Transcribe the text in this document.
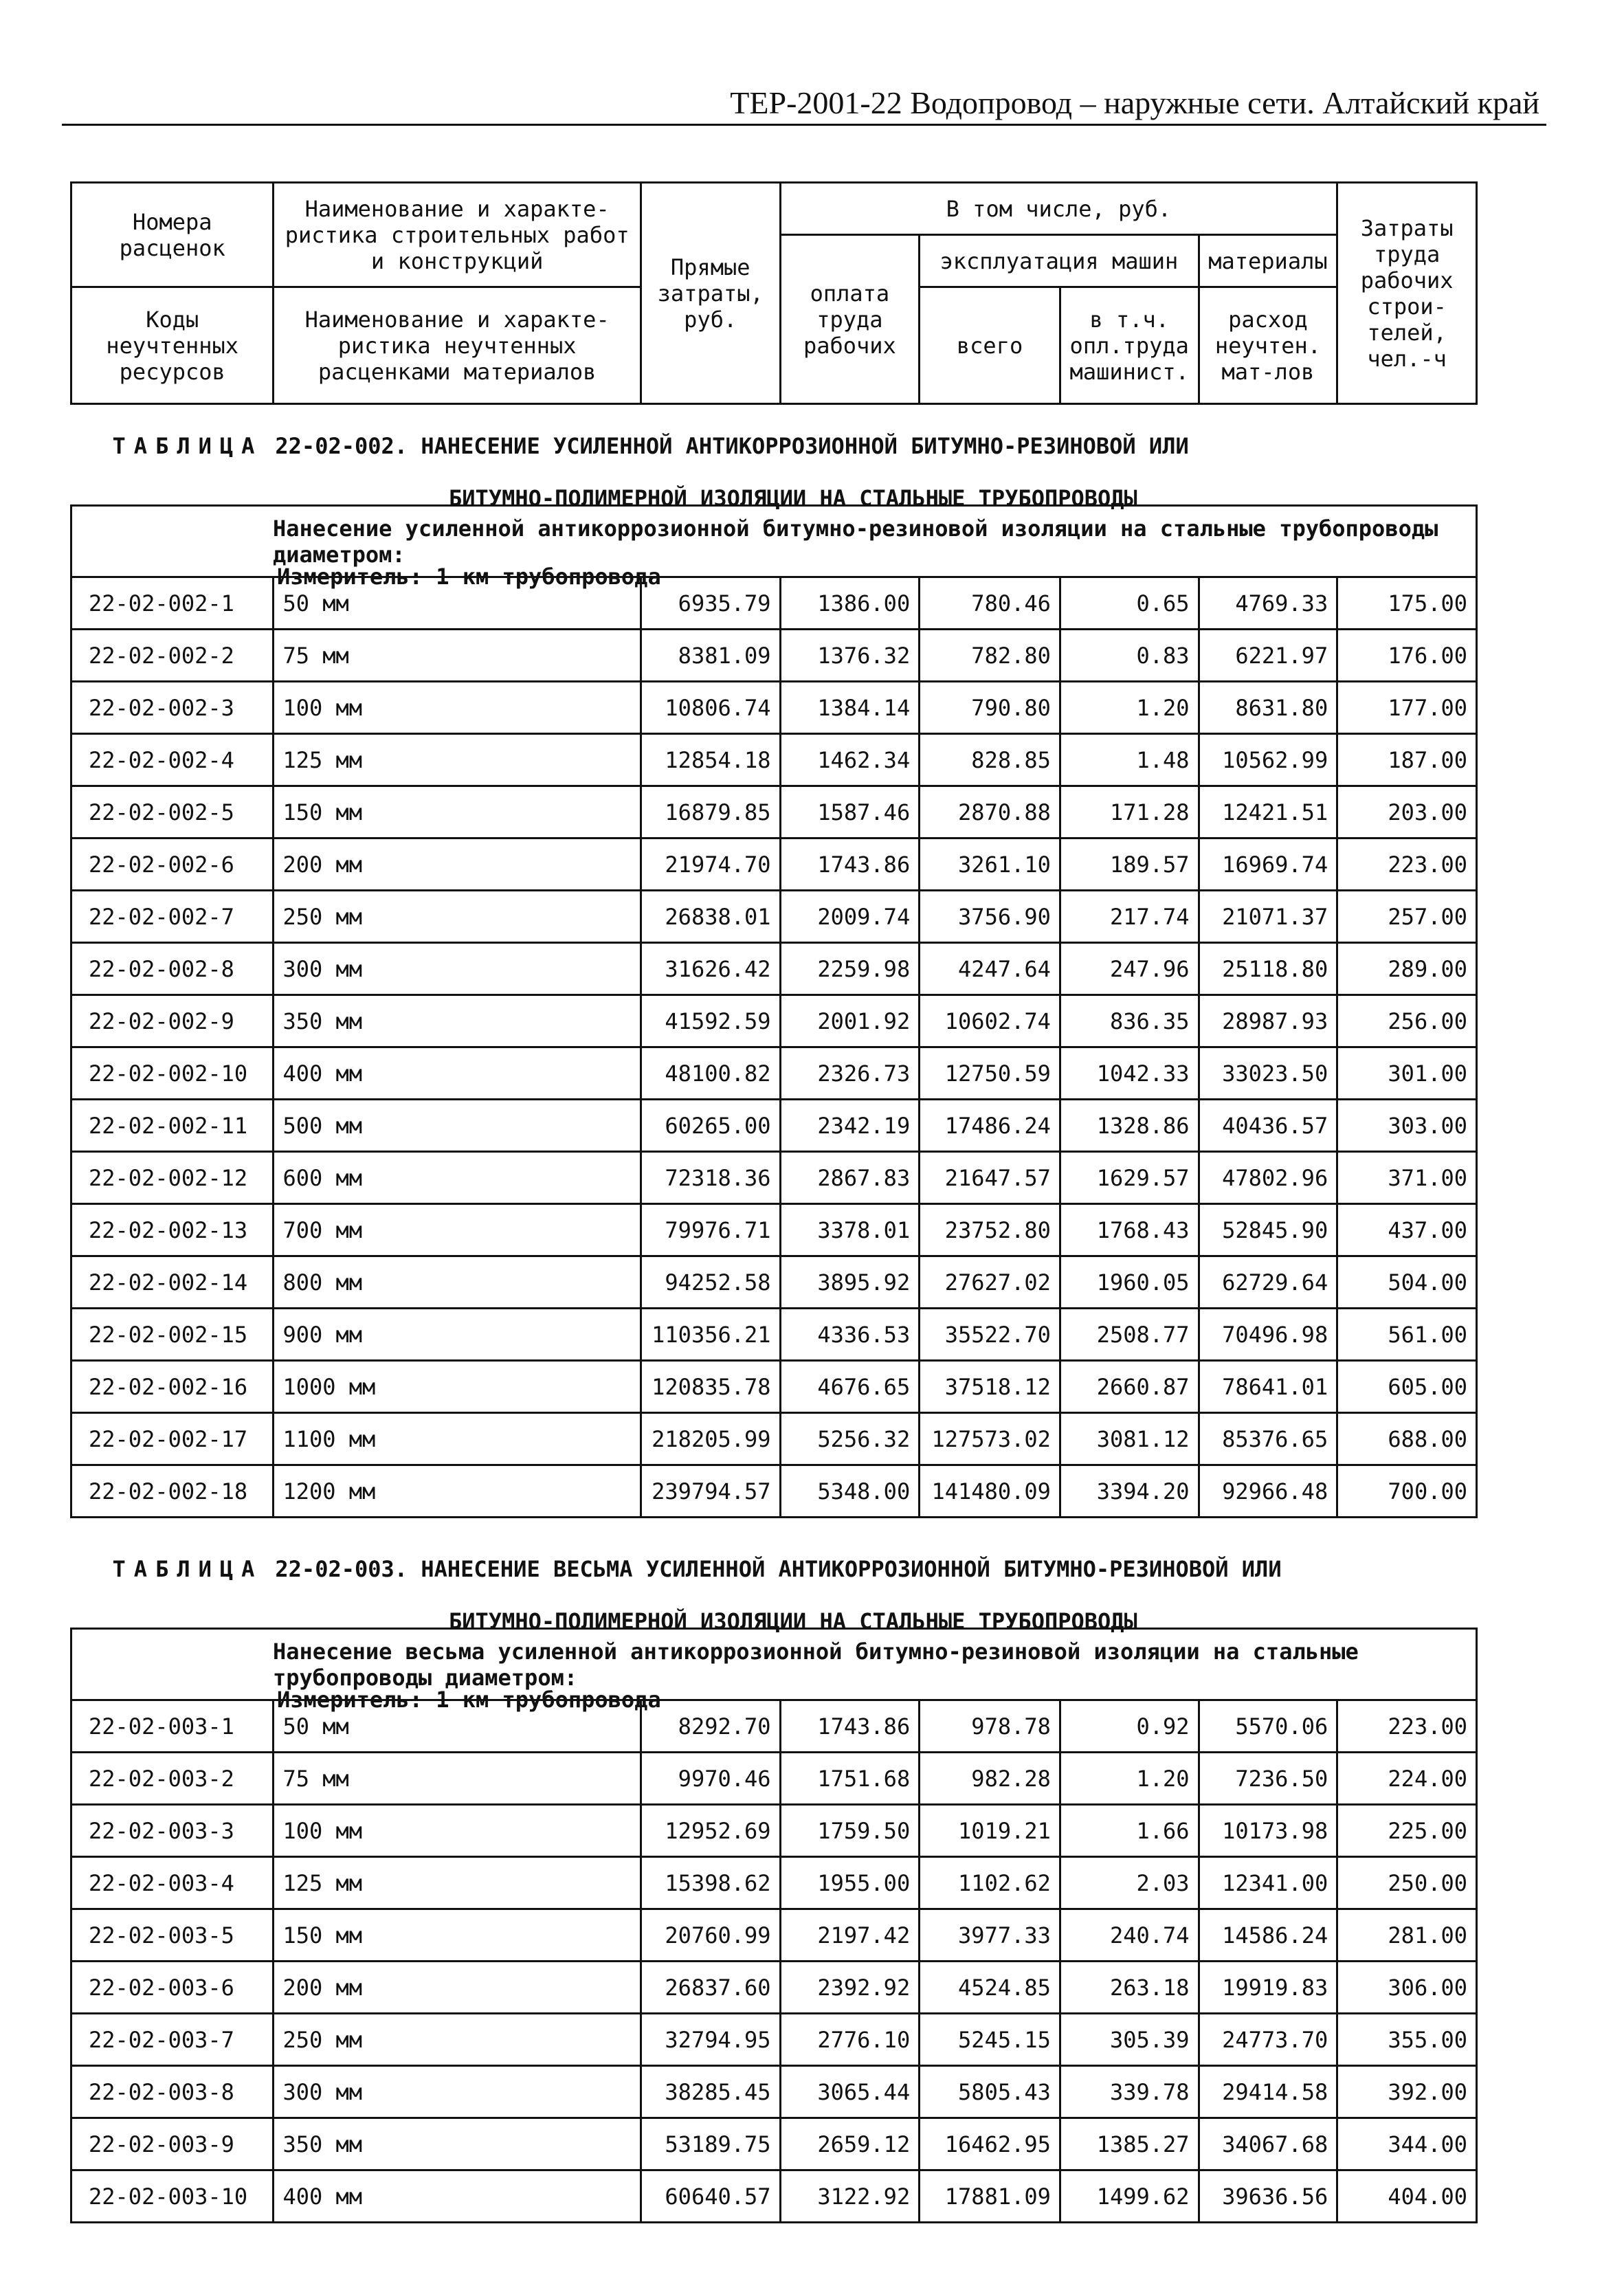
ТЕР-2001-22 Водопровод – наружные сети. Алтайский край
Номера расценок	Наименование и характе-ристика строительных работ и конструкций	Прямые затраты, руб.	В том числе, руб.				Затраты труда рабочих строи-телей, чел.-ч
			оплата труда рабочих	эксплуатация машин		материалы	
Коды неучтенных ресурсов	Наименование и характе-ристика неучтенных расценками материалов			всего	в т.ч. опл.труда машинист.	расход неучтен. мат-лов	

ТАБЛИЦА 22-02-002. НАНЕСЕНИЕ УСИЛЕННОЙ АНТИКОРРОЗИОННОЙ БИТУМНО-РЕЗИНОВОЙ ИЛИ

БИТУМНО-ПОЛИМЕРНОЙ ИЗОЛЯЦИИ НА СТАЛЬНЫЕ ТРУБОПРОВОДЫ

Измеритель: 1 км трубопровода

Нанесение усиленной антикоррозионной битумно-резиновой изоляции на стальные трубопроводы диаметром:							

22-02-002-1	50 мм	6935.79	1386.00	780.46	0.65	4769.33	175.00
22-02-002-2	75 мм	8381.09	1376.32	782.80	0.83	6221.97	176.00
22-02-002-3	100 мм	10806.74	1384.14	790.80	1.20	8631.80	177.00
22-02-002-4	125 мм	12854.18	1462.34	828.85	1.48	10562.99	187.00
22-02-002-5	150 мм	16879.85	1587.46	2870.88	171.28	12421.51	203.00
22-02-002-6	200 мм	21974.70	1743.86	3261.10	189.57	16969.74	223.00
22-02-002-7	250 мм	26838.01	2009.74	3756.90	217.74	21071.37	257.00
22-02-002-8	300 мм	31626.42	2259.98	4247.64	247.96	25118.80	289.00
22-02-002-9	350 мм	41592.59	2001.92	10602.74	836.35	28987.93	256.00
22-02-002-10	400 мм	48100.82	2326.73	12750.59	1042.33	33023.50	301.00
22-02-002-11	500 мм	60265.00	2342.19	17486.24	1328.86	40436.57	303.00
22-02-002-12	600 мм	72318.36	2867.83	21647.57	1629.57	47802.96	371.00
22-02-002-13	700 мм	79976.71	3378.01	23752.80	1768.43	52845.90	437.00
22-02-002-14	800 мм	94252.58	3895.92	27627.02	1960.05	62729.64	504.00
22-02-002-15	900 мм	110356.21	4336.53	35522.70	2508.77	70496.98	561.00
22-02-002-16	1000 мм	120835.78	4676.65	37518.12	2660.87	78641.01	605.00
22-02-002-17	1100 мм	218205.99	5256.32	127573.02	3081.12	85376.65	688.00
22-02-002-18	1200 мм	239794.57	5348.00	141480.09	3394.20	92966.48	700.00

ТАБЛИЦА 22-02-003. НАНЕСЕНИЕ ВЕСЬМА УСИЛЕННОЙ АНТИКОРРОЗИОННОЙ БИТУМНО-РЕЗИНОВОЙ ИЛИ

БИТУМНО-ПОЛИМЕРНОЙ ИЗОЛЯЦИИ НА СТАЛЬНЫЕ ТРУБОПРОВОДЫ

Измеритель: 1 км трубопровода

Нанесение весьма усиленной антикоррозионной битумно-резиновой изоляции на стальные трубопроводы диаметром:							

22-02-003-1	50 мм	8292.70	1743.86	978.78	0.92	5570.06	223.00
22-02-003-2	75 мм	9970.46	1751.68	982.28	1.20	7236.50	224.00
22-02-003-3	100 мм	12952.69	1759.50	1019.21	1.66	10173.98	225.00
22-02-003-4	125 мм	15398.62	1955.00	1102.62	2.03	12341.00	250.00
22-02-003-5	150 мм	20760.99	2197.42	3977.33	240.74	14586.24	281.00
22-02-003-6	200 мм	26837.60	2392.92	4524.85	263.18	19919.83	306.00
22-02-003-7	250 мм	32794.95	2776.10	5245.15	305.39	24773.70	355.00
22-02-003-8	300 мм	38285.45	3065.44	5805.43	339.78	29414.58	392.00
22-02-003-9	350 мм	53189.75	2659.12	16462.95	1385.27	34067.68	344.00
22-02-003-10	400 мм	60640.57	3122.92	17881.09	1499.62	39636.56	404.00
